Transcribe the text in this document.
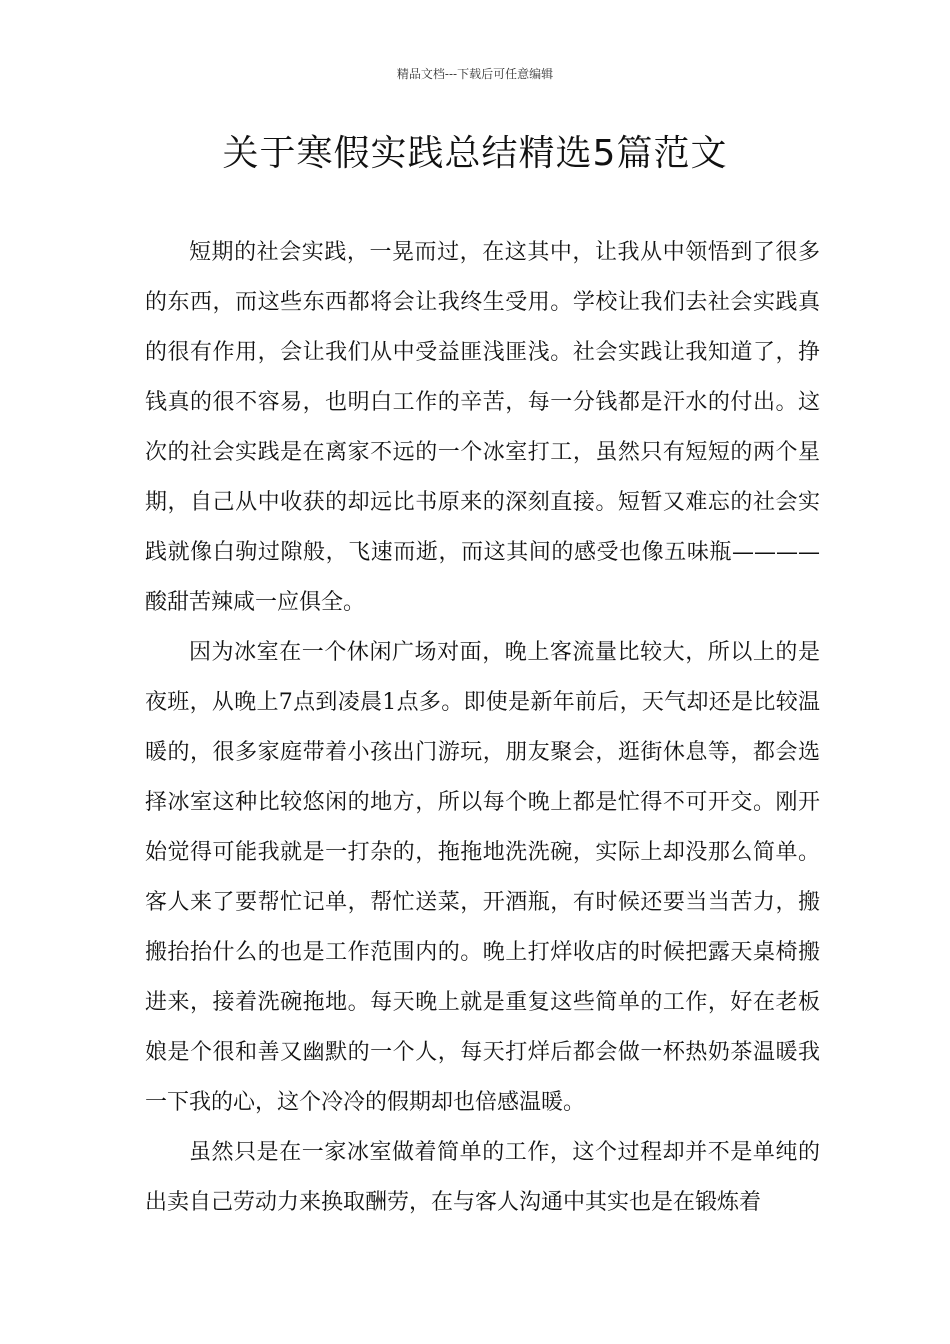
精品文档---下载后可任意编辑
关于寒假实践总结精选5篇范文

短期的社会实践，一晃而过，在这其中，让我从中领悟到了很多的东西，而这些东西都将会让我终生受用。学校让我们去社会实践真的很有作用，会让我们从中受益匪浅匪浅。社会实践让我知道了，挣钱真的很不容易，也明白工作的辛苦，每一分钱都是汗水的付出。这次的社会实践是在离家不远的一个冰室打工，虽然只有短短的两个星期，自己从中收获的却远比书原来的深刻直接。短暂又难忘的社会实践就像白驹过隙般，飞速而逝，而这其间的感受也像五味瓶————酸甜苦辣咸一应俱全。

因为冰室在一个休闲广场对面，晚上客流量比较大，所以上的是夜班，从晚上7点到凌晨1点多。即使是新年前后，天气却还是比较温暖的，很多家庭带着小孩出门游玩，朋友聚会，逛街休息等，都会选择冰室这种比较悠闲的地方，所以每个晚上都是忙得不可开交。刚开始觉得可能我就是一打杂的，拖拖地洗洗碗，实际上却没那么简单。客人来了要帮忙记单，帮忙送菜，开酒瓶，有时候还要当当苦力，搬搬抬抬什么的也是工作范围内的。晚上打烊收店的时候把露天桌椅搬进来，接着洗碗拖地。每天晚上就是重复这些简单的工作，好在老板娘是个很和善又幽默的一个人，每天打烊后都会做一杯热奶茶温暖我一下我的心，这个冷冷的假期却也倍感温暖。

虽然只是在一家冰室做着简单的工作，这个过程却并不是单纯的出卖自己劳动力来换取酬劳，在与客人沟通中其实也是在锻炼着
